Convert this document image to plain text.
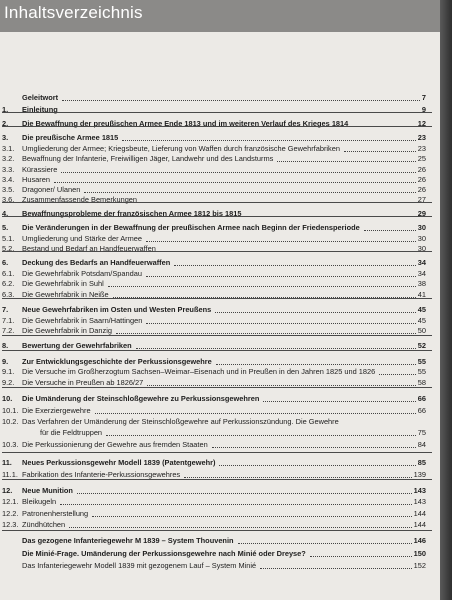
Inhaltsverzeichnis
Geleitwort	7
1. Einleitung	9
2. Die Bewaffnung der preußischen Armee Ende 1813 und im weiteren Verlauf des Krieges 1814	12
3. Die preußische Armee 1815	23
3.1. Umgliederung der Armee; Kriegsbeute, Lieferung von Waffen durch französische Gewehrfabriken	23
3.2. Bewaffnung der Infanterie, Freiwilligen Jäger, Landwehr und des Landsturms	25
3.3. Kürassiere	26
3.4. Husaren	26
3.5. Dragoner/ Ulanen	26
3.6. Zusammenfassende Bemerkungen	27
4. Bewaffnungsprobleme der französischen Armee 1812 bis 1815	29
5. Die Veränderungen in der Bewaffnung der preußischen Armee nach Beginn der Friedensperiode	30
5.1. Umgliederung und Stärke der Armee	30
5.2. Bestand und Bedarf an Handfeuerwaffen	30
6. Deckung des Bedarfs an Handfeuerwaffen	34
6.1. Die Gewehrfabrik Potsdam/Spandau	34
6.2. Die Gewehrfabrik in Suhl	38
6.3. Die Gewehrfabrik in Neiße	41
7. Neue Gewehrfabriken im Osten und Westen Preußens	45
7.1. Die Gewehrfabrik in Saarn/Hattingen	45
7.2. Die Gewehrfabrik in Danzig	50
8. Bewertung der Gewehrfabriken	52
9. Zur Entwicklungsgeschichte der Perkussionsgewehre	55
9.1. Die Versuche im Großherzogtum Sachsen–Weimar–Eisenach und in Preußen in den Jahren 1825 und 1826	55
9.2. Die Versuche in Preußen ab 1826/27	58
10. Die Umänderung der Steinschloßgewehre zu Perkussionsgewehren	66
10.1. Die Exerziergewehre	66
10.2. Das Verfahren der Umänderung der Steinschloßgewehre auf Perkussionszündung. Die Gewehre
für die Feldtruppen	75
10.3. Die Perkussionierung der Gewehre aus fremden Staaten	84
11. Neues Perkussionsgewehr Modell 1839 (Patentgewehr)	85
11.1. Fabrikation des Infanterie-Perkussionsgewehres	139
12. Neue Munition	143
12.1. Bleikugeln	143
12.2. Patronenherstellung	144
12.3. Zündhütchen	144
Das gezogene Infanteriegewehr M 1839 – System Thouvenin	146
Die Minié-Frage. Umänderung der Perkussionsgewehre nach Minié oder Dreyse?	150
Das Infanteriegewehr Modell 1839 mit gezogenem Lauf – System Minié	152
